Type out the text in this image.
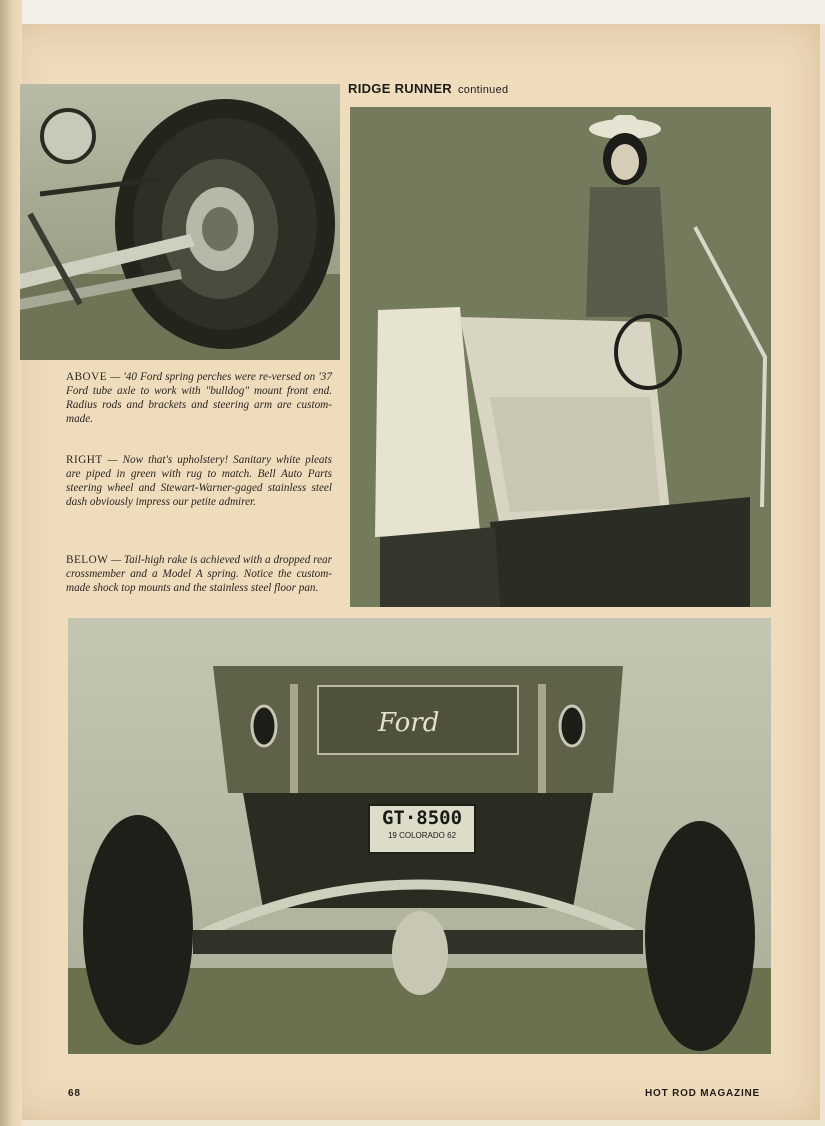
RIDGE RUNNER continued
ABOVE — '40 Ford spring perches were re-versed on '37 Ford tube axle to work with "bulldog" mount front end. Radius rods and brackets and steering arm are custom-made.
RIGHT — Now that's upholstery! Sanitary white pleats are piped in green with rug to match. Bell Auto Parts steering wheel and Stewart-Warner-gaged stainless steel dash obviously impress our petite admirer.
BELOW — Tail-high rake is achieved with a dropped rear crossmember and a Model A spring. Notice the custom-made shock top mounts and the stainless steel floor pan.
Ford
GT·8500
19 COLORADO 62
68	HOT ROD MAGAZINE
